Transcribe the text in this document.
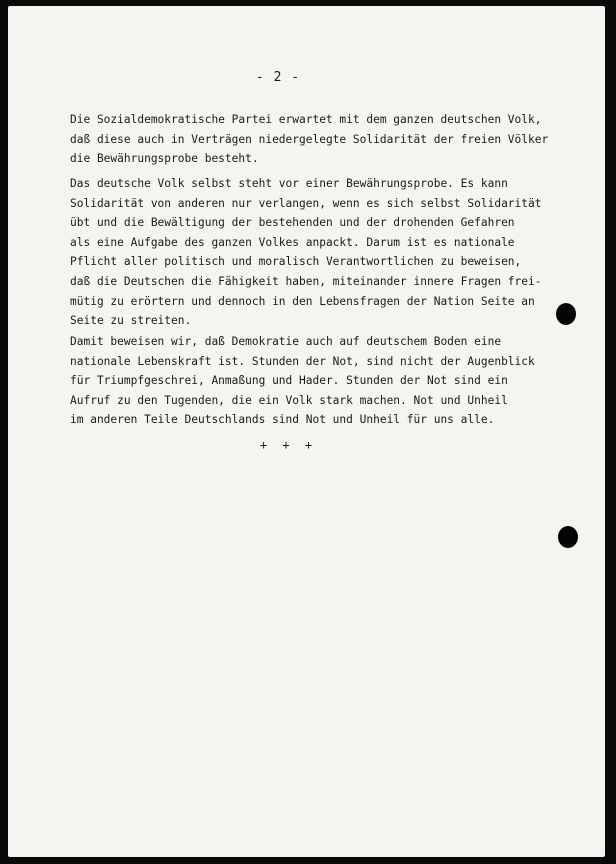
- 2 -
Die Sozialdemokratische Partei erwartet mit dem ganzen deutschen Volk,
daß diese auch in Verträgen niedergelegte Solidarität der freien Völker
die Bewährungsprobe besteht.
Das deutsche Volk selbst steht vor einer Bewährungsprobe. Es kann
Solidarität von anderen nur verlangen, wenn es sich selbst Solidarität
übt und die Bewältigung der bestehenden und der drohenden Gefahren
als eine Aufgabe des ganzen Volkes anpackt. Darum ist es nationale
Pflicht aller politisch und moralisch Verantwortlichen zu beweisen,
daß die Deutschen die Fähigkeit haben, miteinander innere Fragen frei-
mütig zu erörtern und dennoch in den Lebensfragen der Nation Seite an
Seite zu streiten.
Damit beweisen wir, daß Demokratie auch auf deutschem Boden eine
nationale Lebenskraft ist. Stunden der Not, sind nicht der Augenblick
für Triumpfgeschrei, Anmaßung und Hader. Stunden der Not sind ein
Aufruf zu den Tugenden, die ein Volk stark machen. Not und Unheil
im anderen Teile Deutschlands sind Not und Unheil für uns alle.
+ + +
